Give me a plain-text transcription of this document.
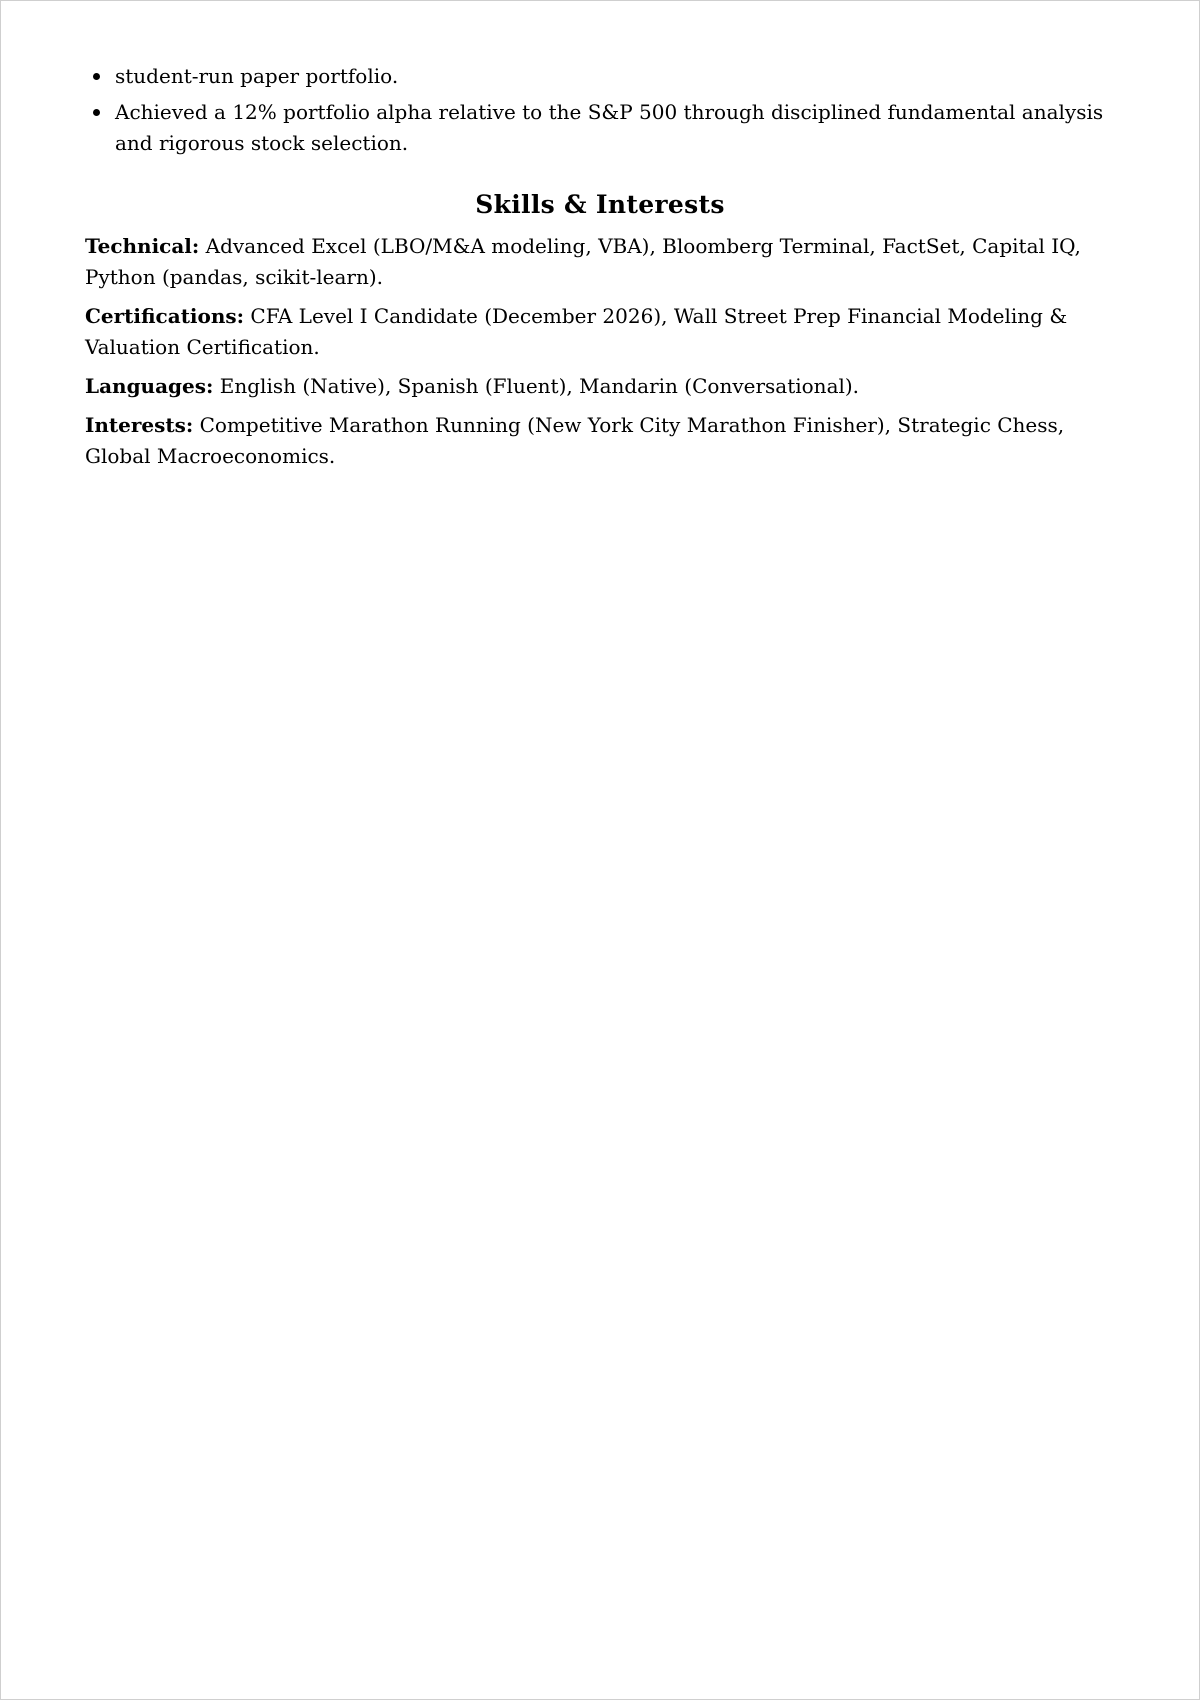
student-run paper portfolio.
Achieved a 12% portfolio alpha relative to the S&P 500 through disciplined fundamental analysis and rigorous stock selection.
Skills & Interests
Technical: Advanced Excel (LBO/M&A modeling, VBA), Bloomberg Terminal, FactSet, Capital IQ, Python (pandas, scikit-learn).
Certifications: CFA Level I Candidate (December 2026), Wall Street Prep Financial Modeling & Valuation Certification.
Languages: English (Native), Spanish (Fluent), Mandarin (Conversational).
Interests: Competitive Marathon Running (New York City Marathon Finisher), Strategic Chess, Global Macroeconomics.
